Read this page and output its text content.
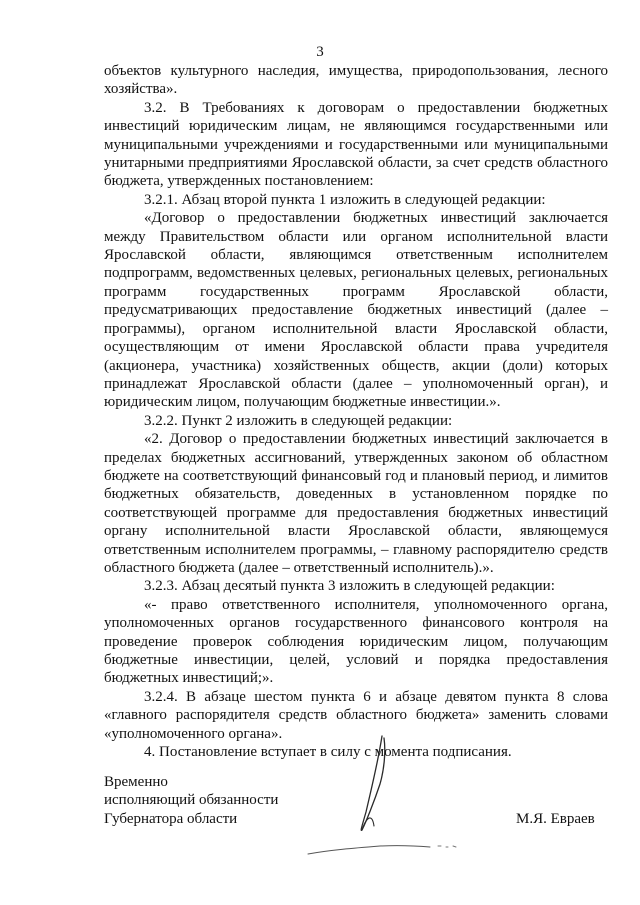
3

объектов культурного наследия, имущества, природопользования, лесного хозяйства».

3.2. В Требованиях к договорам о предоставлении бюджетных инвестиций юридическим лицам, не являющимся государственными или муниципальными учреждениями и государственными или муниципальными унитарными предприятиями Ярославской области, за счет средств областного бюджета, утвержденных постановлением:

3.2.1. Абзац второй пункта 1 изложить в следующей редакции:

«Договор о предоставлении бюджетных инвестиций заключается между Правительством области или органом исполнительной власти Ярославской области, являющимся ответственным исполнителем подпрограмм, ведомственных целевых, региональных целевых, региональных программ государственных программ Ярославской области, предусматривающих предоставление бюджетных инвестиций (далее – программы), органом исполнительной власти Ярославской области, осуществляющим от имени Ярославской области права учредителя (акционера, участника) хозяйственных обществ, акции (доли) которых принадлежат Ярославской области (далее – уполномоченный орган), и юридическим лицом, получающим бюджетные инвестиции.».

3.2.2. Пункт 2 изложить в следующей редакции:

«2. Договор о предоставлении бюджетных инвестиций заключается в пределах бюджетных ассигнований, утвержденных законом об областном бюджете на соответствующий финансовый год и плановый период, и лимитов бюджетных обязательств, доведенных в установленном порядке по соответствующей программе для предоставления бюджетных инвестиций органу исполнительной власти Ярославской области, являющемуся ответственным исполнителем программы, – главному распорядителю средств областного бюджета (далее – ответственный исполнитель).».

3.2.3. Абзац десятый пункта 3 изложить в следующей редакции:

«- право ответственного исполнителя, уполномоченного органа, уполномоченных органов государственного финансового контроля на проведение проверок соблюдения юридическим лицом, получающим бюджетные инвестиции, целей, условий и порядка предоставления бюджетных инвестиций;».

3.2.4. В абзаце шестом пункта 6 и абзаце девятом пункта 8 слова «главного распорядителя средств областного бюджета» заменить словами «уполномоченного органа».

4. Постановление вступает в силу с момента подписания.

Временно
исполняющий обязанности
Губернатора области	М.Я. Евраев
